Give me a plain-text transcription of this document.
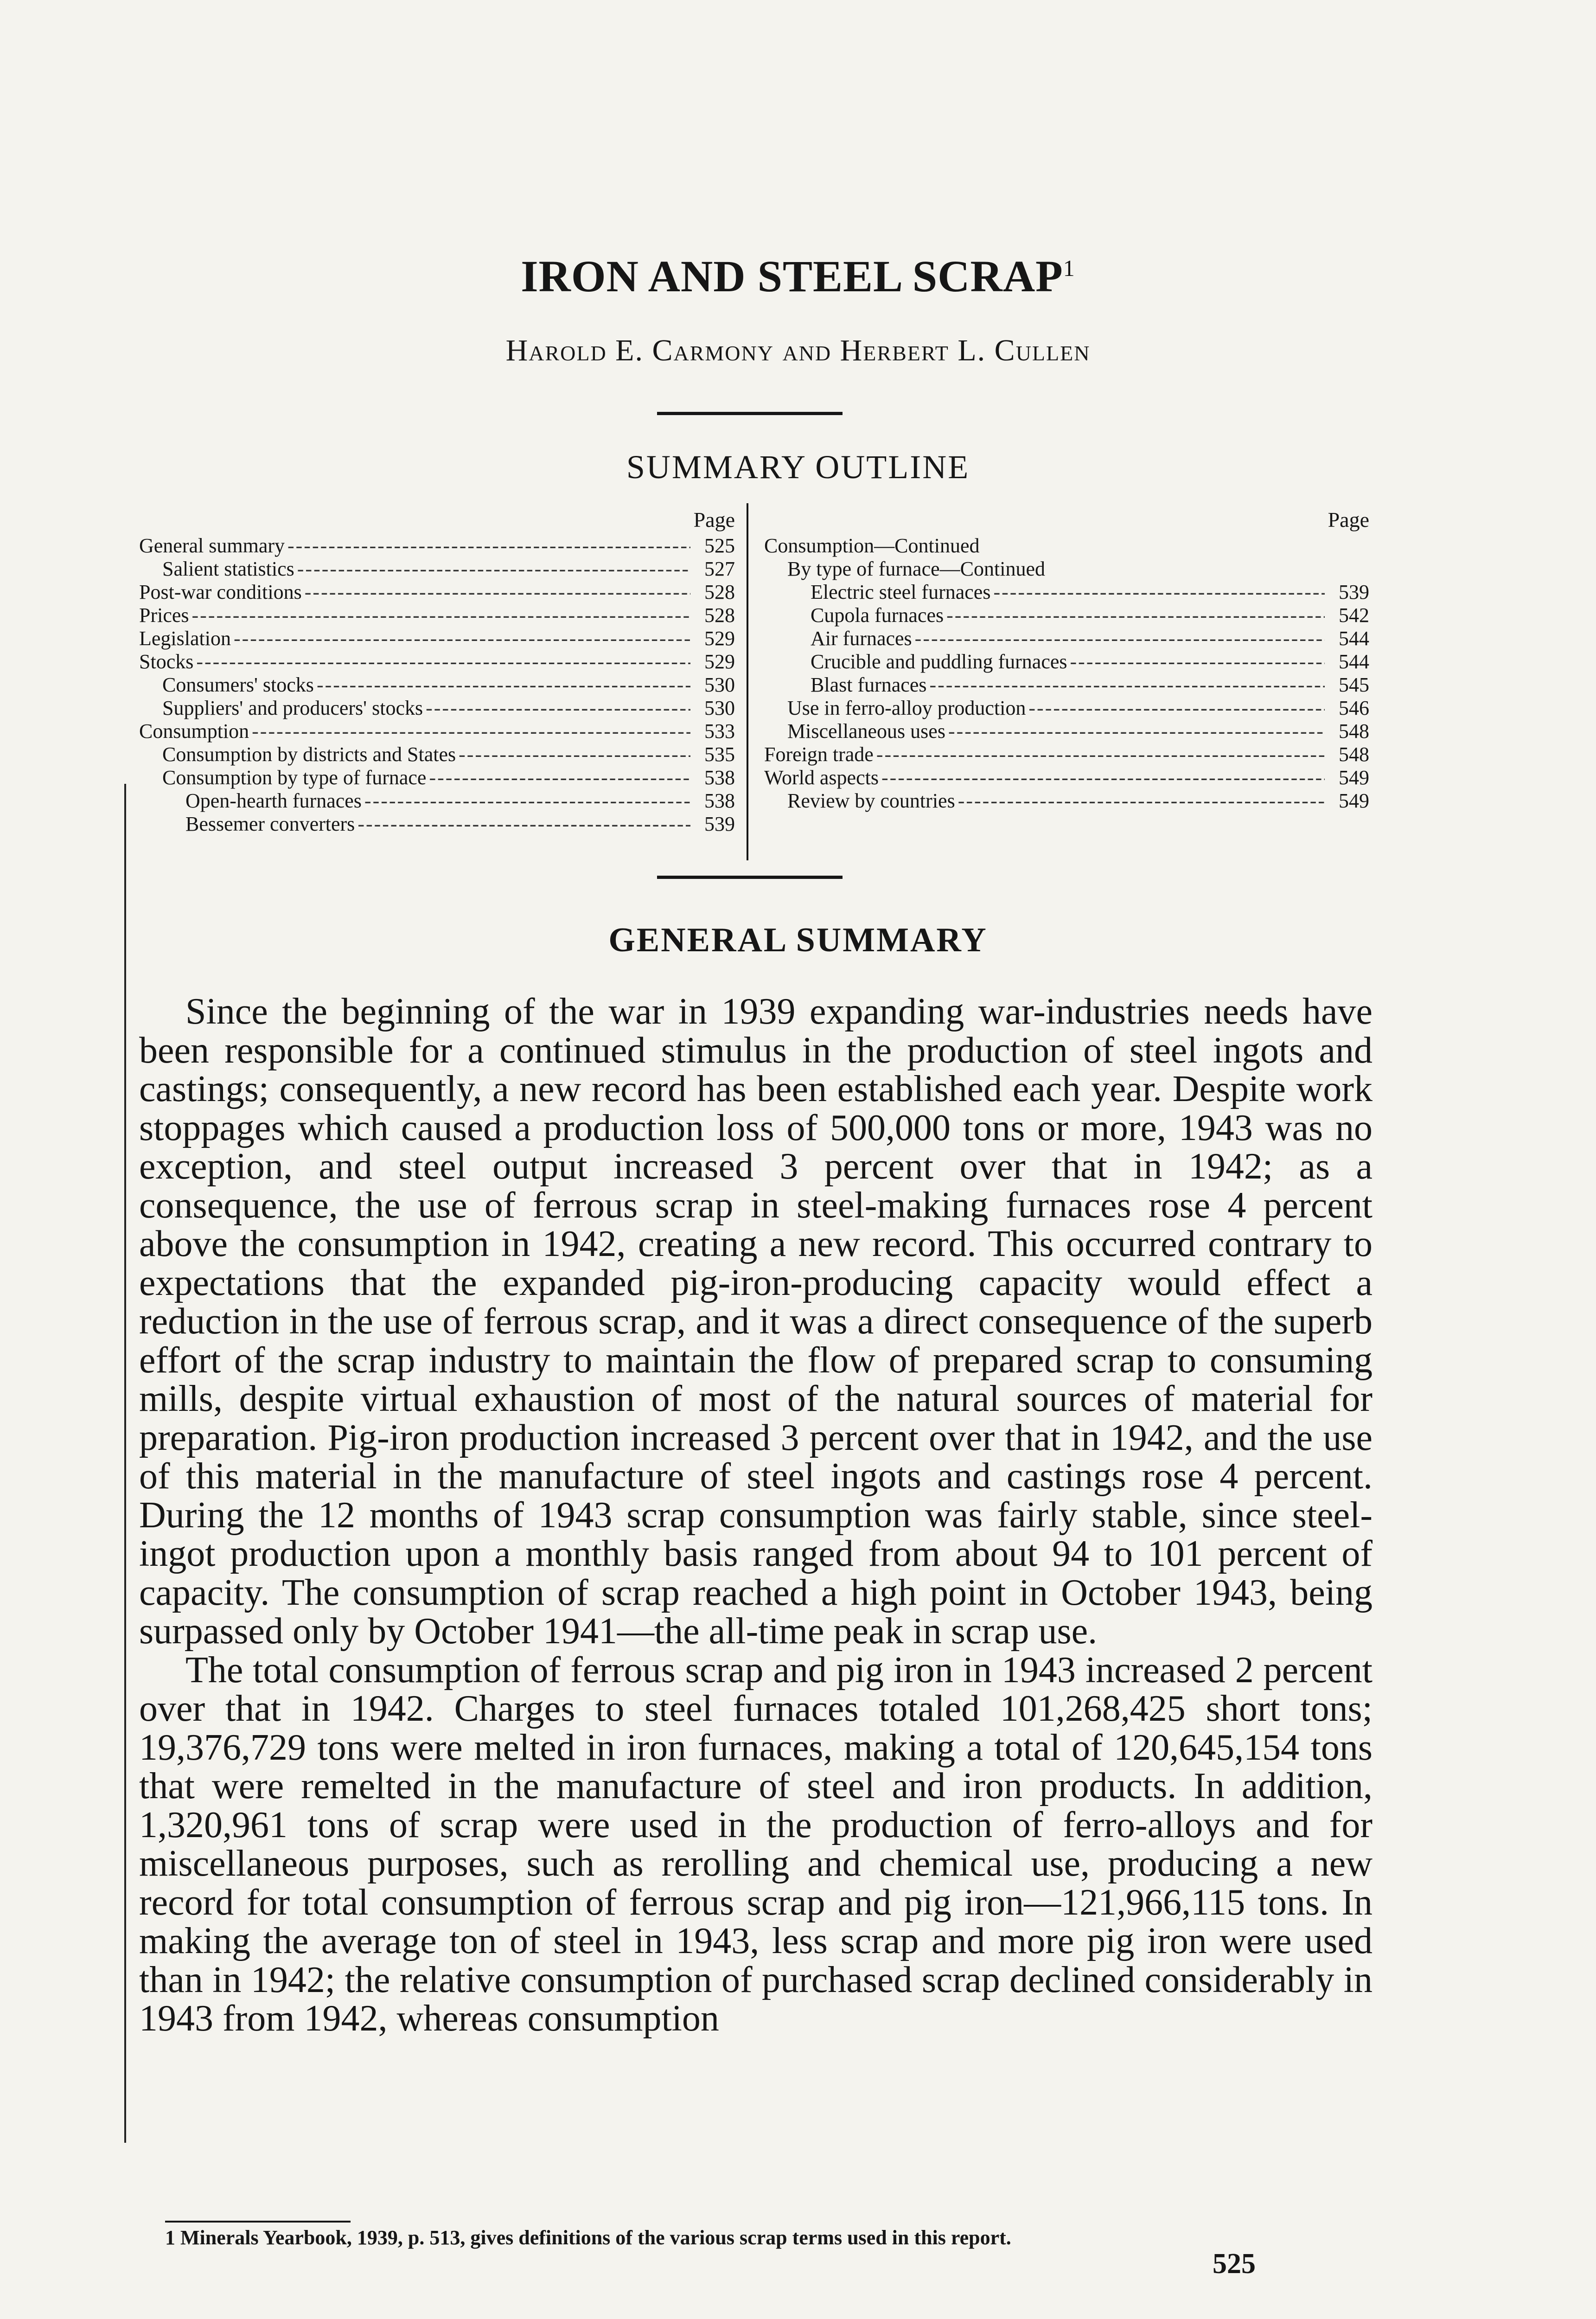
IRON AND STEEL SCRAP$^1$
Harold E. Carmony and Herbert L. Cullen
SUMMARY OUTLINE
Page
General summary - - -	525
Salient statistics - - -	527
Post-war conditions - - -	528
Prices - - -	528
Legislation - - -	529
Stocks - - -	529
Consumers' stocks - - -	530
Suppliers' and producers' stocks - - -	530
Consumption - - -	533
Consumption by districts and States - - -	535
Consumption by type of furnace - - -	538
Open-hearth furnaces - - -	538
Bessemer converters - - -	539
Page
Consumption—Continued
By type of furnace—Continued
Electric steel furnaces - - -	539
Cupola furnaces - - -	542
Air furnaces - - -	544
Crucible and puddling furnaces - - -	544
Blast furnaces - - -	545
Use in ferro-alloy production - - -	546
Miscellaneous uses - - -	548
Foreign trade - - -	548
World aspects - - -	549
Review by countries - - -	549
GENERAL SUMMARY

Since the beginning of the war in 1939 expanding war-industries needs have been responsible for a continued stimulus in the production of steel ingots and castings; consequently, a new record has been established each year. Despite work stoppages which caused a production loss of 500,000 tons or more, 1943 was no exception, and steel output increased 3 percent over that in 1942; as a consequence, the use of ferrous scrap in steel-making furnaces rose 4 percent above the consumption in 1942, creating a new record. This occurred contrary to expectations that the expanded pig-iron-producing capacity would effect a reduction in the use of ferrous scrap, and it was a direct consequence of the superb effort of the scrap industry to maintain the flow of prepared scrap to consuming mills, despite virtual exhaustion of most of the natural sources of material for preparation. Pig-iron production increased 3 percent over that in 1942, and the use of this material in the manufacture of steel ingots and castings rose 4 percent. During the 12 months of 1943 scrap consumption was fairly stable, since steel-ingot production upon a monthly basis ranged from about 94 to 101 percent of capacity. The consumption of scrap reached a high point in October 1943, being surpassed only by October 1941—the all-time peak in scrap use.

The total consumption of ferrous scrap and pig iron in 1943 increased 2 percent over that in 1942. Charges to steel furnaces totaled 101,268,425 short tons; 19,376,729 tons were melted in iron furnaces, making a total of 120,645,154 tons that were remelted in the manufacture of steel and iron products. In addition, 1,320,961 tons of scrap were used in the production of ferro-alloys and for miscellaneous purposes, such as rerolling and chemical use, producing a new record for total consumption of ferrous scrap and pig iron—121,966,115 tons. In making the average ton of steel in 1943, less scrap and more pig iron were used than in 1942; the relative consumption of purchased scrap declined considerably in 1943 from 1942, whereas consumption

1 Minerals Yearbook, 1939, p. 513, gives definitions of the various scrap terms used in this report.
525
